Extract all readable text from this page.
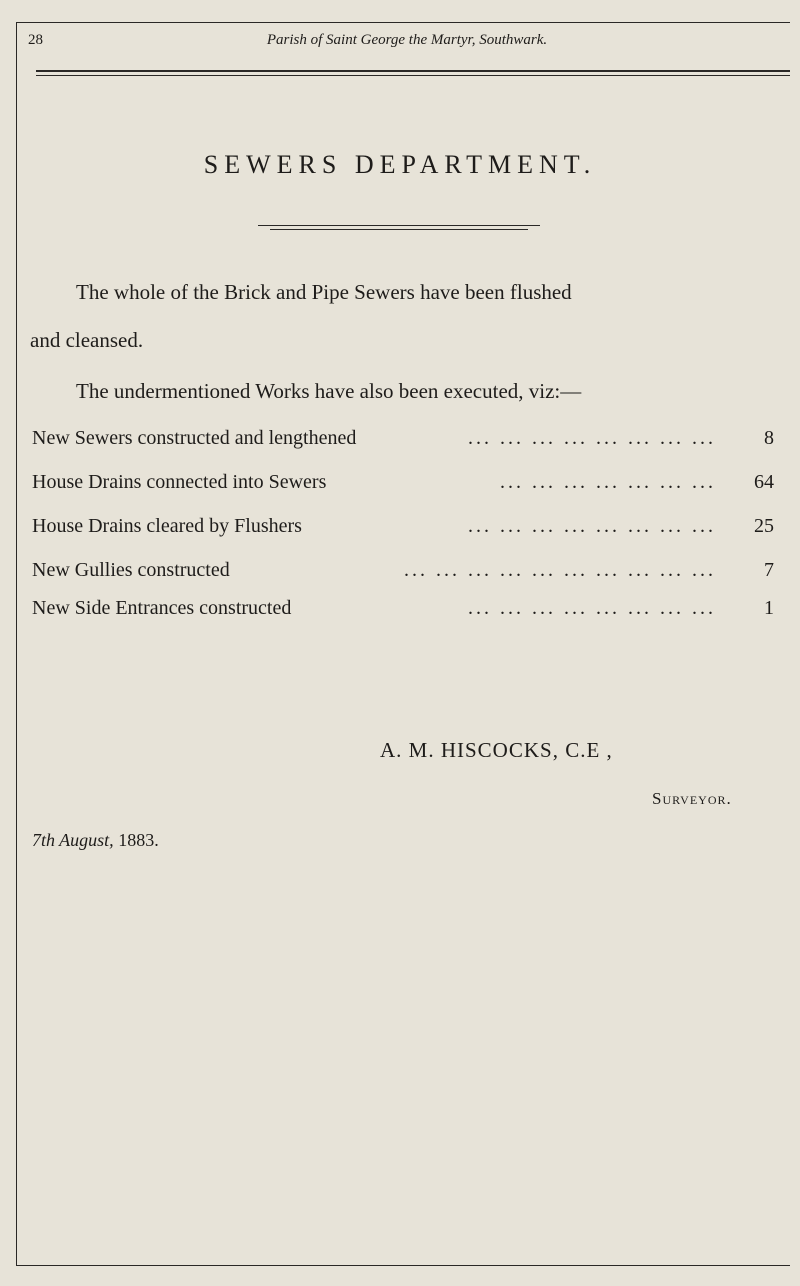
28	Parish of Saint George the Martyr, Southwark.
SEWERS DEPARTMENT.
The whole of the Brick and Pipe Sewers have been flushed
and cleansed.
The undermentioned Works have also been executed, viz:—
New Sewers constructed and lengthened	... ... ... ... ... ... ... ... 8
House Drains connected into Sewers	... ... ... ... ... ... ... 64
House Drains cleared by Flushers	... ... ... ... ... ... ... ... 25
New Gullies constructed	... ... ... ... ... ... ... ... ... ... 7
New Side Entrances constructed	... ... ... ... ... ... ... ... 1
A. M. HISCOCKS, C.E ,
Surveyor.
7th August, 1883.
